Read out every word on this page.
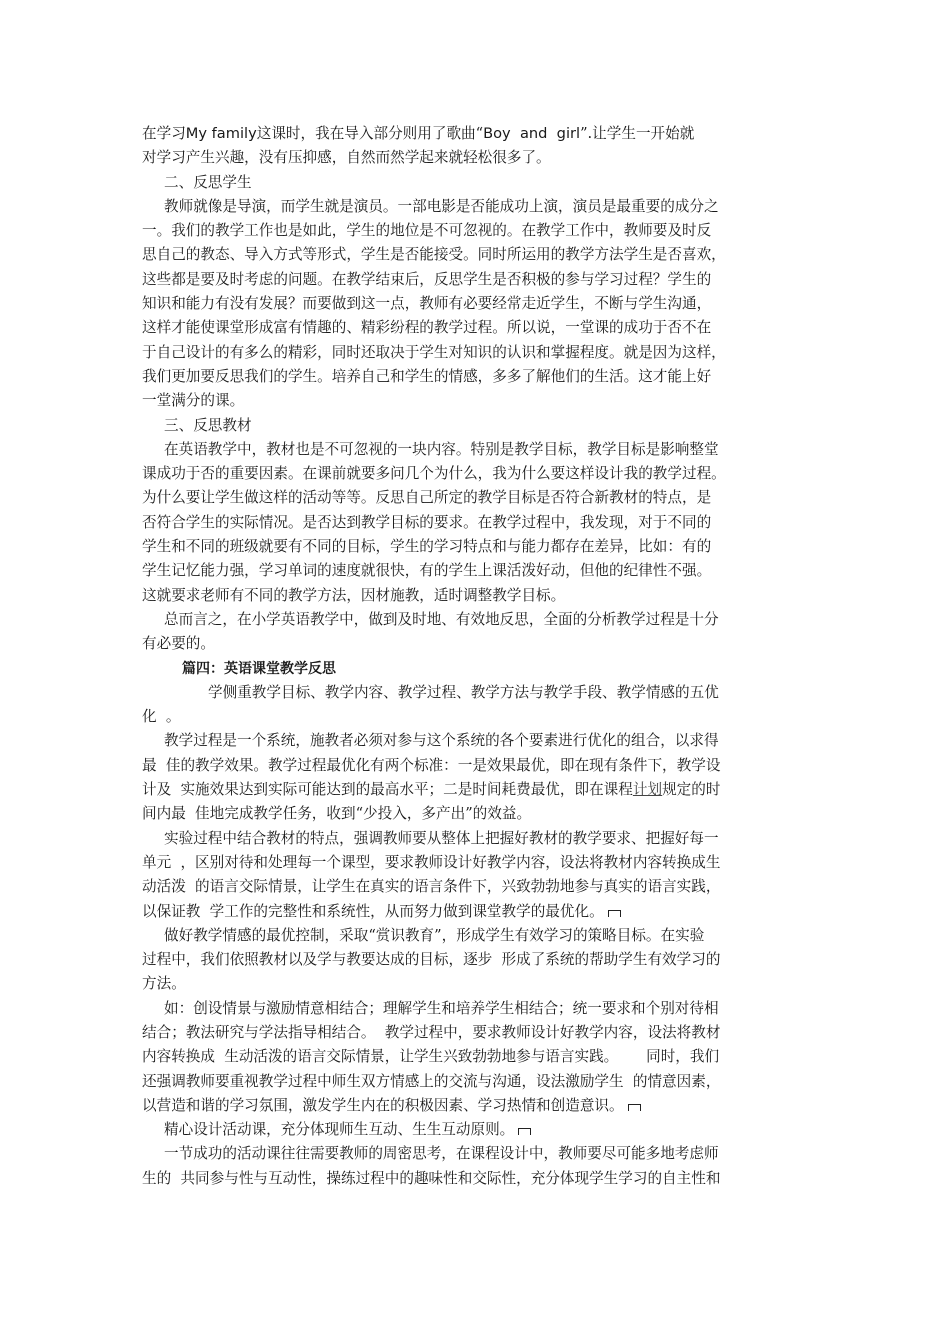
在学习My family这课时，我在导入部分则用了歌曲“Boy  and  girl”.让学生一开始就
对学习产生兴趣，没有压抑感，自然而然学起来就轻松很多了。
二、反思学生
教师就像是导演，而学生就是演员。一部电影是否能成功上演，演员是最重要的成分之
一。我们的教学工作也是如此，学生的地位是不可忽视的。在教学工作中，教师要及时反
思自己的教态、导入方式等形式，学生是否能接受。同时所运用的教学方法学生是否喜欢，
这些都是要及时考虑的问题。在教学结束后，反思学生是否积极的参与学习过程？学生的
知识和能力有没有发展？而要做到这一点，教师有必要经常走近学生，不断与学生沟通，
这样才能使课堂形成富有情趣的、精彩纷程的教学过程。所以说，一堂课的成功于否不在
于自己设计的有多么的精彩，同时还取决于学生对知识的认识和掌握程度。就是因为这样，
我们更加要反思我们的学生。培养自己和学生的情感，多多了解他们的生活。这才能上好
一堂满分的课。
三、反思教材
在英语教学中，教材也是不可忽视的一块内容。特别是教学目标，教学目标是影响整堂
课成功于否的重要因素。在课前就要多问几个为什么，我为什么要这样设计我的教学过程。
为什么要让学生做这样的活动等等。反思自己所定的教学目标是否符合新教材的特点，是
否符合学生的实际情况。是否达到教学目标的要求。在教学过程中，我发现，对于不同的
学生和不同的班级就要有不同的目标，学生的学习特点和与能力都存在差异，比如：有的
学生记忆能力强，学习单词的速度就很快，有的学生上课活泼好动，但他的纪律性不强。
这就要求老师有不同的教学方法，因材施教，适时调整教学目标。
总而言之，在小学英语教学中，做到及时地、有效地反思，全面的分析教学过程是十分
有必要的。
篇四：英语课堂教学反思
学侧重教学目标、教学内容、教学过程、教学方法与教学手段、教学情感的五优
化  。
教学过程是一个系统，施教者必须对参与这个系统的各个要素进行优化的组合，以求得
最  佳的教学效果。教学过程最优化有两个标准：一是效果最优，即在现有条件下，教学设
计及  实施效果达到实际可能达到的最高水平；二是时间耗费最优，即在课程计划规定的时
间内最  佳地完成教学任务，收到“少投入，多产出”的效益。
实验过程中结合教材的特点，强调教师要从整体上把握好教材的教学要求、把握好每一
单元  ，区别对待和处理每一个课型，要求教师设计好教学内容，设法将教材内容转换成生
动活泼  的语言交际情景，让学生在真实的语言条件下，兴致勃勃地参与真实的语言实践，
以保证教  学工作的完整性和系统性，从而努力做到课堂教学的最优化。
做好教学情感的最优控制，采取“赏识教育”，形成学生有效学习的策略目标。在实验
过程中，我们依照教材以及学与教要达成的目标，逐步  形成了系统的帮助学生有效学习的
方法。
如：创设情景与激励情意相结合；理解学生和培养学生相结合；统一要求和个别对待相
结合；教法研究与学法指导相结合。  教学过程中，要求教师设计好教学内容，设法将教材
内容转换成  生动活泼的语言交际情景，让学生兴致勃勃地参与语言实践。      同时，我们
还强调教师要重视教学过程中师生双方情感上的交流与沟通，设法激励学生  的情意因素，
以营造和谐的学习氛围，激发学生内在的积极因素、学习热情和创造意识。
精心设计活动课，充分体现师生互动、生生互动原则。
一节成功的活动课往往需要教师的周密思考，在课程设计中，教师要尽可能多地考虑师
生的  共同参与性与互动性，操练过程中的趣味性和交际性，充分体现学生学习的自主性和
